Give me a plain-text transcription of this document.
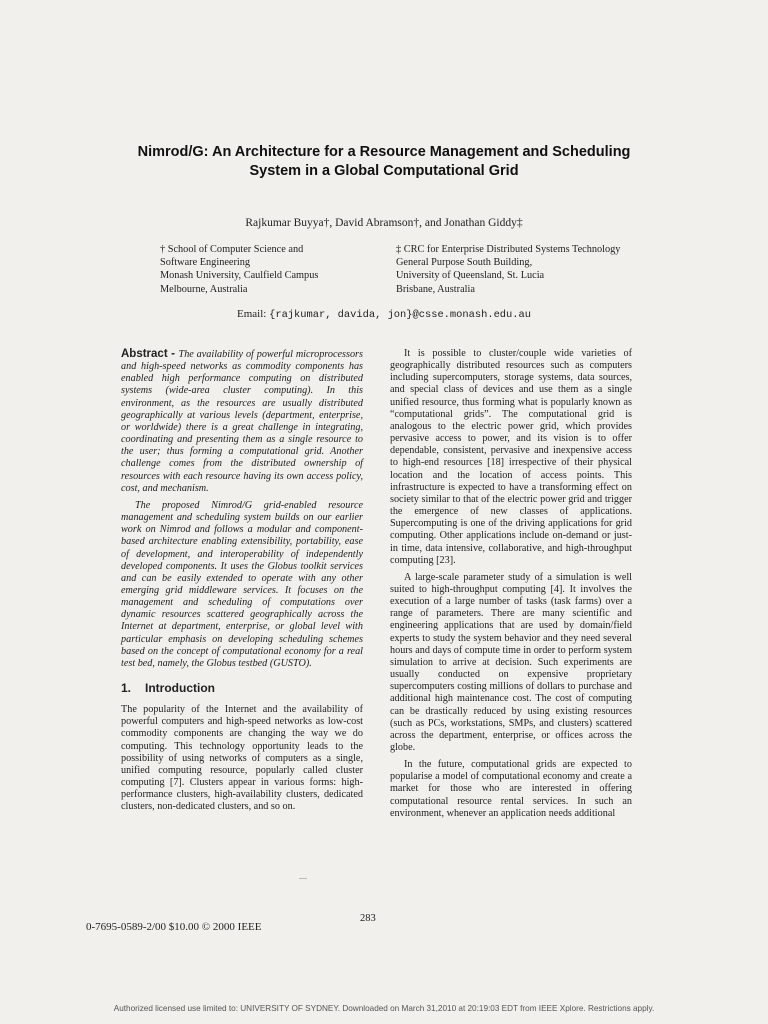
Nimrod/G: An Architecture for a Resource Management and Scheduling
System in a Global Computational Grid
Rajkumar Buyya†, David Abramson†, and Jonathan Giddy‡
† School of Computer Science and
Software Engineering
Monash University, Caulfield Campus
Melbourne, Australia
‡ CRC for Enterprise Distributed Systems Technology
General Purpose South Building,
University of Queensland, St. Lucia
Brisbane, Australia
Email: {rajkumar, davida, jon}@csse.monash.edu.au

Abstract - The availability of powerful microprocessors and high-speed networks as commodity components has enabled high performance computing on distributed systems (wide-area cluster computing). In this environment, as the resources are usually distributed geographically at various levels (department, enterprise, or worldwide) there is a great challenge in integrating, coordinating and presenting them as a single resource to the user; thus forming a computational grid. Another challenge comes from the distributed ownership of resources with each resource having its own access policy, cost, and mechanism.

The proposed Nimrod/G grid-enabled resource management and scheduling system builds on our earlier work on Nimrod and follows a modular and component-based architecture enabling extensibility, portability, ease of development, and interoperability of independently developed components. It uses the Globus toolkit services and can be easily extended to operate with any other emerging grid middleware services. It focuses on the management and scheduling of computations over dynamic resources scattered geographically across the Internet at department, enterprise, or global level with particular emphasis on developing scheduling schemes based on the concept of computational economy for a real test bed, namely, the Globus testbed (GUSTO).

1. Introduction

The popularity of the Internet and the availability of powerful computers and high-speed networks as low-cost commodity components are changing the way we do computing. This technology opportunity leads to the possibility of using networks of computers as a single, unified computing resource, popularly called cluster computing [7]. Clusters appear in various forms: high-performance clusters, high-availability clusters, dedicated clusters, non-dedicated clusters, and so on.

It is possible to cluster/couple wide varieties of geographically distributed resources such as computers including supercomputers, storage systems, data sources, and special class of devices and use them as a single unified resource, thus forming what is popularly known as “computational grids”. The computational grid is analogous to the electric power grid, which provides pervasive access to power, and its vision is to offer dependable, consistent, pervasive and inexpensive access to high-end resources [18] irrespective of their physical location and the location of access points. This infrastructure is expected to have a transforming effect on society similar to that of the electric power grid and trigger the emergence of new classes of applications. Supercomputing is one of the driving applications for grid computing. Other applications include on-demand or just-in time, data intensive, collaborative, and high-throughput computing [23].

A large-scale parameter study of a simulation is well suited to high-throughput computing [4]. It involves the execution of a large number of tasks (task farms) over a range of parameters. There are many scientific and engineering applications that are used by domain/field experts to study the system behavior and they need several hours and days of compute time in order to perform system simulation to arrive at decision. Such experiments are usually conducted on expensive proprietary supercomputers costing millions of dollars to purchase and additional high maintenance cost. The cost of computing can be drastically reduced by using existing resources (such as PCs, workstations, SMPs, and clusters) scattered across the department, enterprise, or offices across the globe.

In the future, computational grids are expected to popularise a model of computational economy and create a market for those who are interested in offering computational resource rental services. In such an environment, whenever an application needs additional

283
0-7695-0589-2/00 $10.00 © 2000 IEEE
Authorized licensed use limited to: UNIVERSITY OF SYDNEY. Downloaded on March 31,2010 at 20:19:03 EDT from IEEE Xplore. Restrictions apply.
